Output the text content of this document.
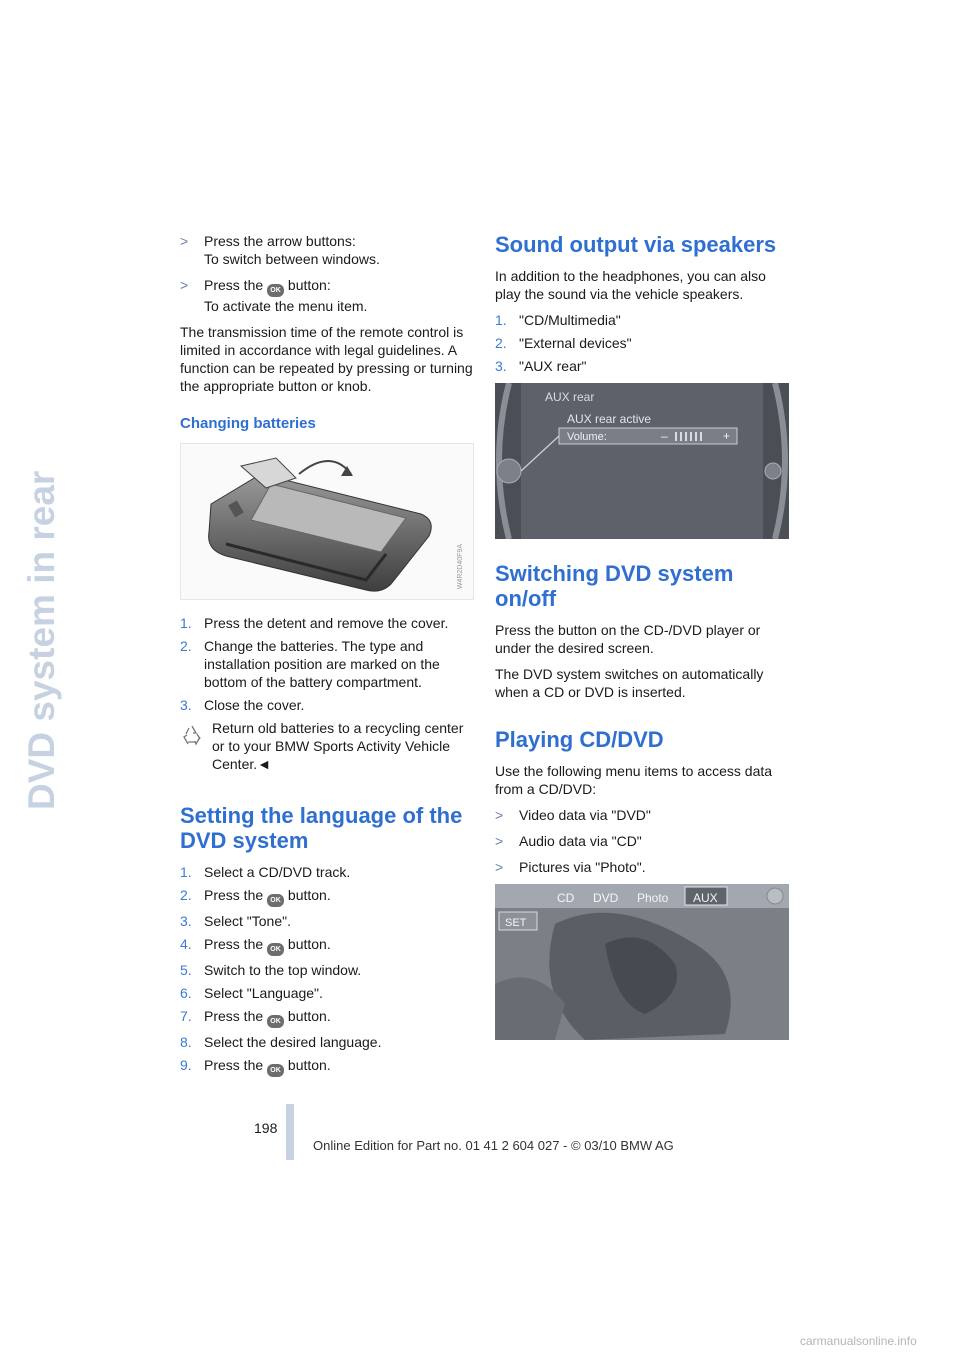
DVD system in rear
>	Press the arrow buttons:
To switch between windows.
>	Press the OK button:
To activate the menu item.

The transmission time of the remote control is limited in accordance with legal guidelines. A function can be repeated by pressing or turning the appropriate button or knob.

Changing batteries
W4R2D40F9A
1. Press the detent and remove the cover.
2. Change the batteries. The type and installation position are marked on the bottom of the battery compartment.
3. Close the cover.
Return old batteries to a recycling center or to your BMW Sports Activity Vehicle Center.◄
Setting the language of the DVD system
1. Select a CD/DVD track.
2. Press the OK button.
3. Select "Tone".
4. Press the OK button.
5. Switch to the top window.
6. Select "Language".
7. Press the OK button.
8. Select the desired language.
9. Press the OK button.
Sound output via speakers

In addition to the headphones, you can also play the sound via the vehicle speakers.

1. "CD/Multimedia"
2. "External devices"
3. "AUX rear"
AUX rear
AUX rear active
Volume:	–	+
Switching DVD system on/off

Press the button on the CD-/DVD player or under the desired screen.

The DVD system switches on automatically when a CD or DVD is inserted.

Playing CD/DVD

Use the following menu items to access data from a CD/DVD:

>	Video data via "DVD"
>	Audio data via "CD"
>	Pictures via "Photo".
CD DVD Photo AUX
SET
198
Online Edition for Part no. 01 41 2 604 027 - © 03/10 BMW AG
carmanualsonline.info
